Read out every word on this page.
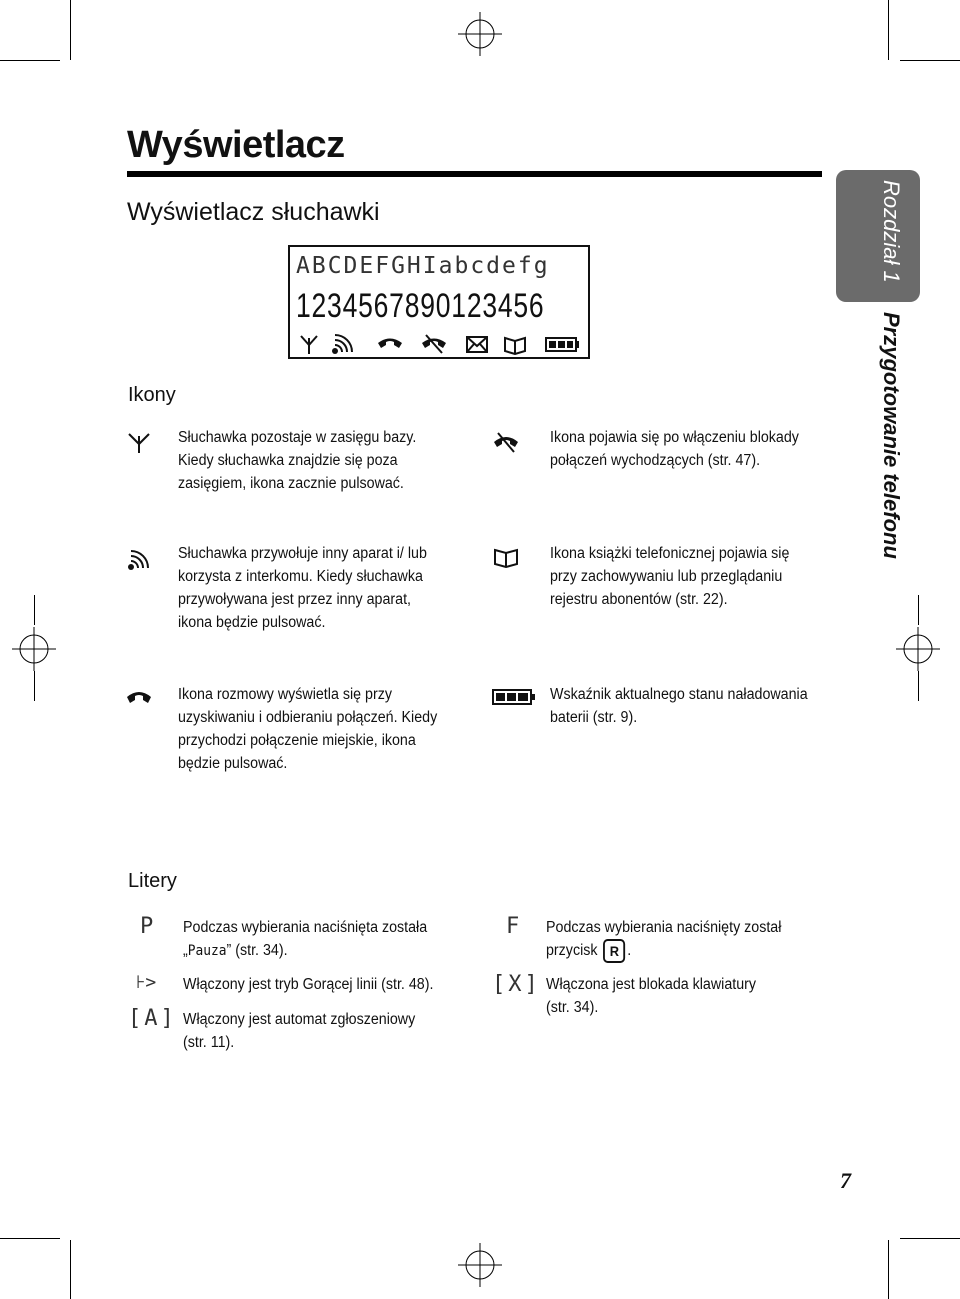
Wyświetlacz
Wyświetlacz słuchawki	Rozdział 1
Przygotowanie telefonu
ABCDEFGHIabcdefg
1234567890123456
Ikony
Słuchawka pozostaje w zasięgu bazy.
Kiedy słuchawka znajdzie się poza
zasięgiem, ikona zacznie pulsować.
Słuchawka przywołuje inny aparat i/ lub
korzysta z interkomu. Kiedy słuchawka
przywoływana jest przez inny aparat,
ikona będzie pulsować.
Ikona rozmowy wyświetla się przy
uzyskiwaniu i odbieraniu połączeń. Kiedy
przychodzi połączenie miejskie, ikona
będzie pulsować.
Ikona pojawia się po włączeniu blokady
połączeń wychodzących (str. 47).
Ikona książki telefonicznej pojawia się
przy zachowywaniu lub przeglądaniu
rejestru abonentów (str. 22).
Wskaźnik aktualnego stanu naładowania
baterii (str. 9).
Litery
P Podczas wybierania naciśnięta została
„Pauza” (str. 34).
⊦> Włączony jest tryb Gorącej linii (str. 48).
[A] Włączony jest automat zgłoszeniowy
(str. 11).
F Podczas wybierania naciśnięty został
przycisk R .
[X] Włączona jest blokada klawiatury
(str. 34).
7
